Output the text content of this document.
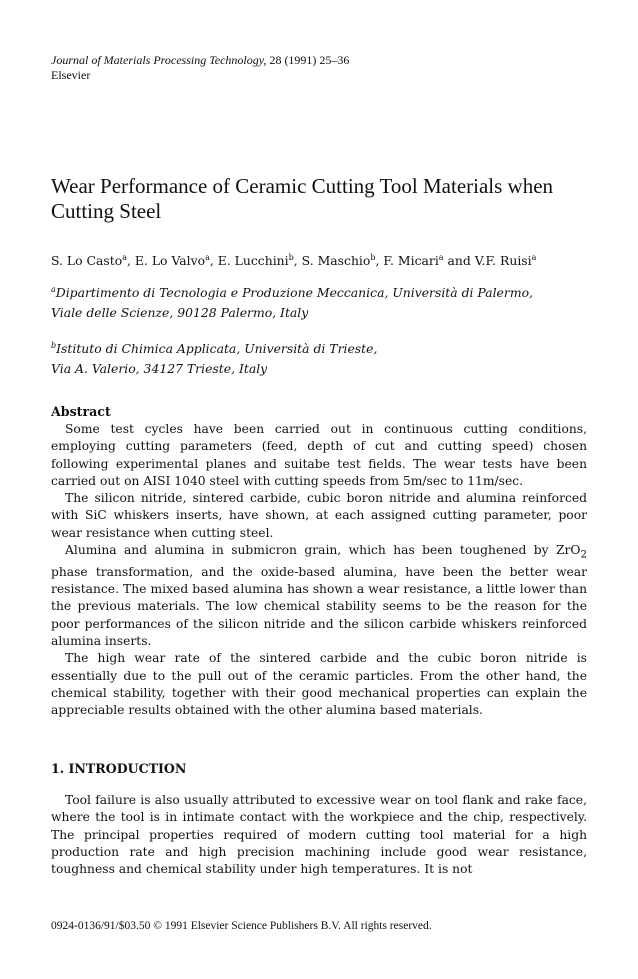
Journal of Materials Processing Technology, 28 (1991) 25–36
Elsevier
Wear Performance of Ceramic Cutting Tool Materials when Cutting Steel
S. Lo Casto$^a$, E. Lo Valvo$^a$, E. Lucchini$^b$, S. Maschio$^b$, F. Micari$^a$ and V.F. Ruisi$^a$
$^a$Dipartimento di Tecnologia e Produzione Meccanica, Università di Palermo,
Viale delle Scienze, 90128 Palermo, Italy
$^b$Istituto di Chimica Applicata, Università di Trieste,
Via A. Valerio, 34127 Trieste, Italy
Abstract

Some test cycles have been carried out in continuous cutting conditions, employing cutting parameters (feed, depth of cut and cutting speed) chosen following experimental planes and suitabe test fields. The wear tests have been carried out on AISI 1040 steel with cutting speeds from 5m/sec to 11m/sec.

The silicon nitride, sintered carbide, cubic boron nitride and alumina reinforced with SiC whiskers inserts, have shown, at each assigned cutting parameter, poor wear resistance when cutting steel.

Alumina and alumina in submicron grain, which has been toughened by ZrO$_2$ phase transformation, and the oxide-based alumina, have been the better wear resistance. The mixed based alumina has shown a wear resistance, a little lower than the previous materials. The low chemical stability seems to be the reason for the poor performances of the silicon nitride and the silicon carbide whiskers reinforced alumina inserts.

The high wear rate of the sintered carbide and the cubic boron nitride is essentially due to the pull out of the ceramic particles. From the other hand, the chemical stability, together with their good mechanical properties can explain the appreciable results obtained with the other alumina based materials.

1. INTRODUCTION

Tool failure is also usually attributed to excessive wear on tool flank and rake face, where the tool is in intimate contact with the workpiece and the chip, respectively. The principal properties required of modern cutting tool material for a high production rate and high precision machining include good wear resistance, toughness and chemical stability under high temperatures. It is not

0924-0136/91/$03.50 © 1991 Elsevier Science Publishers B.V. All rights reserved.
